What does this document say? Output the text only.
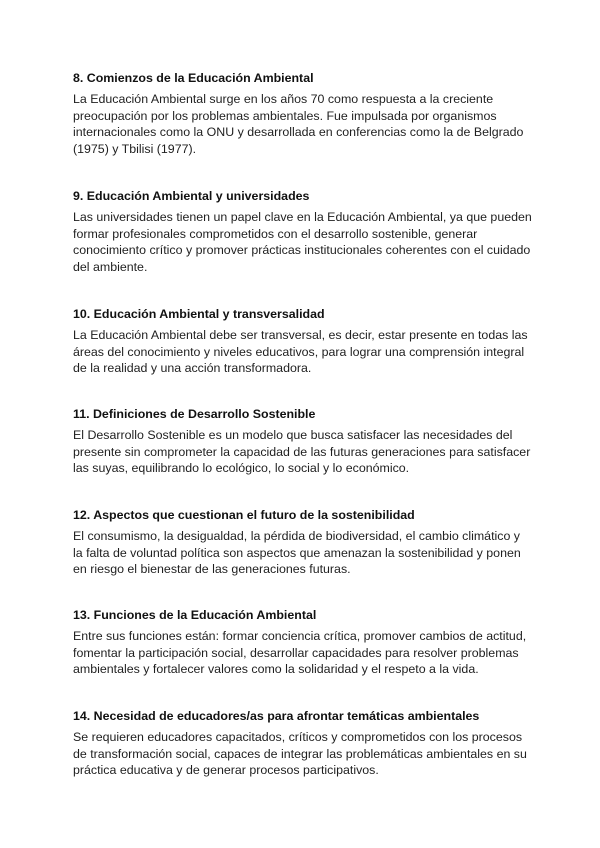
8. Comienzos de la Educación Ambiental

La Educación Ambiental surge en los años 70 como respuesta a la creciente preocupación por los problemas ambientales. Fue impulsada por organismos internacionales como la ONU y desarrollada en conferencias como la de Belgrado (1975) y Tbilisi (1977).

9. Educación Ambiental y universidades

Las universidades tienen un papel clave en la Educación Ambiental, ya que pueden formar profesionales comprometidos con el desarrollo sostenible, generar conocimiento crítico y promover prácticas institucionales coherentes con el cuidado del ambiente.

10. Educación Ambiental y transversalidad

La Educación Ambiental debe ser transversal, es decir, estar presente en todas las áreas del conocimiento y niveles educativos, para lograr una comprensión integral de la realidad y una acción transformadora.

11. Definiciones de Desarrollo Sostenible

El Desarrollo Sostenible es un modelo que busca satisfacer las necesidades del presente sin comprometer la capacidad de las futuras generaciones para satisfacer las suyas, equilibrando lo ecológico, lo social y lo económico.

12. Aspectos que cuestionan el futuro de la sostenibilidad

El consumismo, la desigualdad, la pérdida de biodiversidad, el cambio climático y la falta de voluntad política son aspectos que amenazan la sostenibilidad y ponen en riesgo el bienestar de las generaciones futuras.

13. Funciones de la Educación Ambiental

Entre sus funciones están: formar conciencia crítica, promover cambios de actitud, fomentar la participación social, desarrollar capacidades para resolver problemas ambientales y fortalecer valores como la solidaridad y el respeto a la vida.

14. Necesidad de educadores/as para afrontar temáticas ambientales

Se requieren educadores capacitados, críticos y comprometidos con los procesos de transformación social, capaces de integrar las problemáticas ambientales en su práctica educativa y de generar procesos participativos.
